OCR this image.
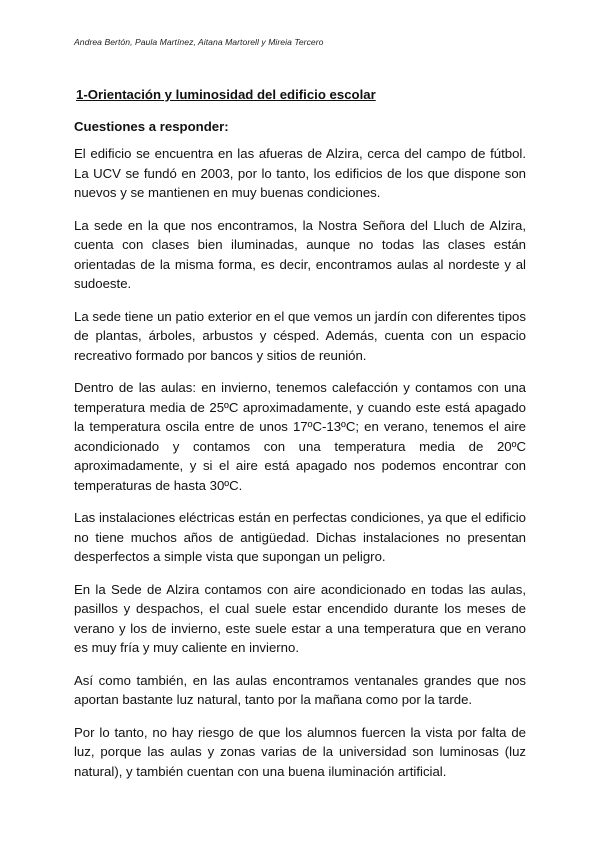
Andrea Bertón, Paula Martínez, Aitana Martorell y Mireia Tercero
1-Orientación y luminosidad del edificio escolar
Cuestiones a responder:

El edificio se encuentra en las afueras de Alzira, cerca del campo de fútbol. La UCV se fundó en 2003, por lo tanto, los edificios de los que dispone son nuevos y se mantienen en muy buenas condiciones.

La sede en la que nos encontramos, la Nostra Señora del Lluch de Alzira, cuenta con clases bien iluminadas, aunque no todas las clases están orientadas de la misma forma, es decir, encontramos aulas al nordeste y al sudoeste.

La sede tiene un patio exterior en el que vemos un jardín con diferentes tipos de plantas, árboles, arbustos y césped. Además, cuenta con un espacio recreativo formado por bancos y sitios de reunión.

Dentro de las aulas: en invierno, tenemos calefacción y contamos con una temperatura media de 25ºC aproximadamente, y cuando este está apagado la temperatura oscila entre de unos 17ºC-13ºC; en verano, tenemos el aire acondicionado y contamos con una temperatura media de 20ºC aproximadamente, y si el aire está apagado nos podemos encontrar con temperaturas de hasta 30ºC.

Las instalaciones eléctricas están en perfectas condiciones, ya que el edificio no tiene muchos años de antigüedad. Dichas instalaciones no presentan desperfectos a simple vista que supongan un peligro.

En la Sede de Alzira contamos con aire acondicionado en todas las aulas, pasillos y despachos, el cual suele estar encendido durante los meses de verano y los de invierno, este suele estar a una temperatura que en verano es muy fría y muy caliente en invierno.

Así como también, en las aulas encontramos ventanales grandes que nos aportan bastante luz natural, tanto por la mañana como por la tarde.

Por lo tanto, no hay riesgo de que los alumnos fuercen la vista por falta de luz, porque las aulas y zonas varias de la universidad son luminosas (luz natural), y también cuentan con una buena iluminación artificial.
